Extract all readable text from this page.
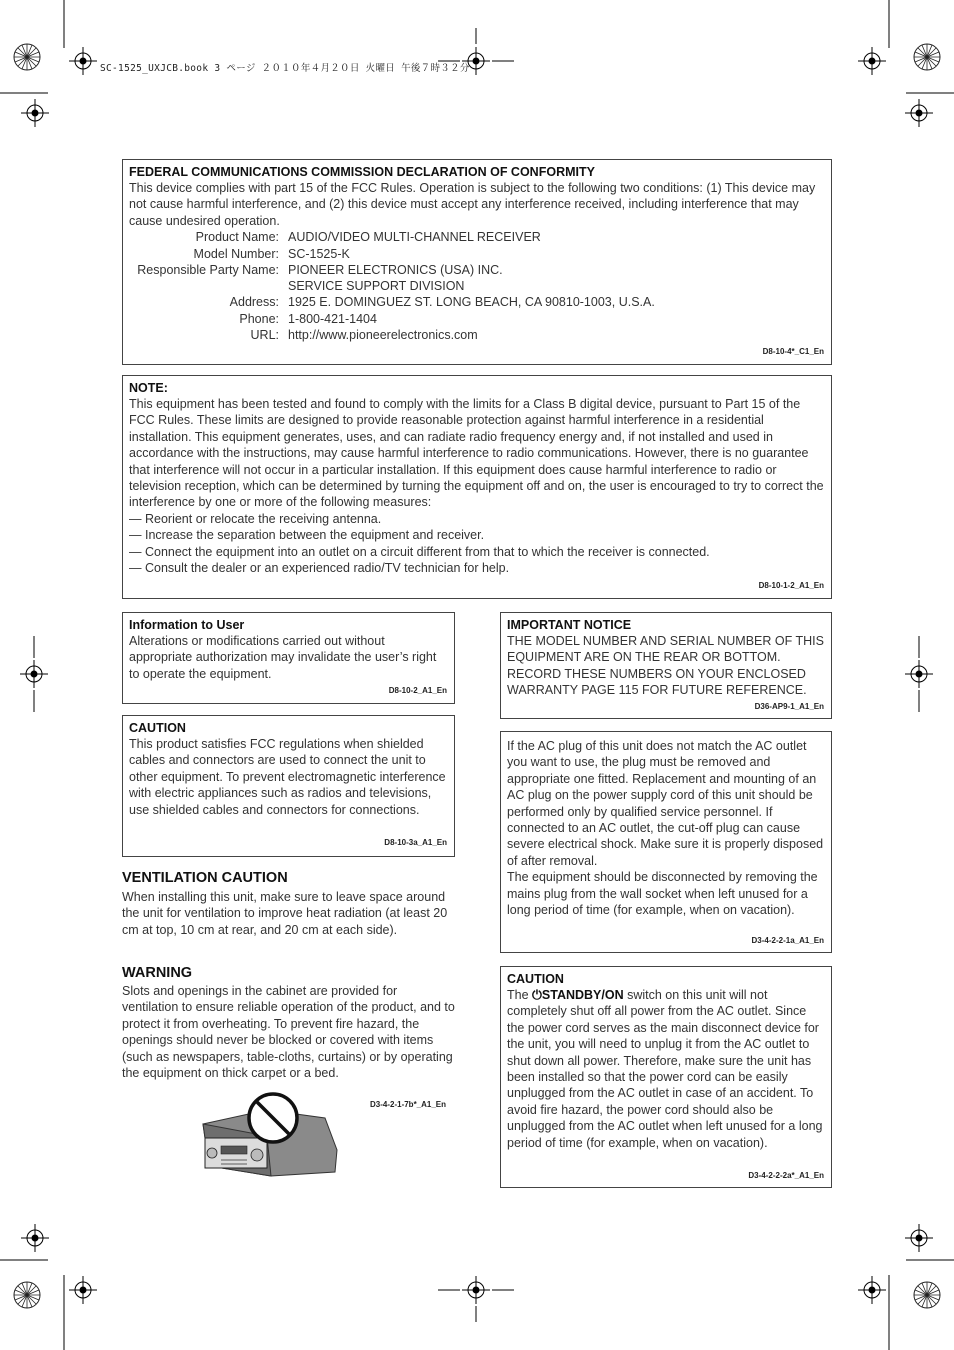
SC-1525_UXJCB.book 3 ページ ２０１０年４月２０日 火曜日 午後７時３２分
FEDERAL COMMUNICATIONS COMMISSION DECLARATION OF CONFORMITY
This device complies with part 15 of the FCC Rules. Operation is subject to the following two conditions: (1) This device may not cause harmful interference, and (2) this device must accept any interference received, including interference that may cause undesired operation.
Product Name: AUDIO/VIDEO MULTI-CHANNEL RECEIVER
Model Number: SC-1525-K
Responsible Party Name: PIONEER ELECTRONICS (USA) INC.
SERVICE SUPPORT DIVISION
Address: 1925 E. DOMINGUEZ ST. LONG BEACH, CA 90810-1003, U.S.A.
Phone: 1-800-421-1404
URL: http://www.pioneerelectronics.com
D8-10-4*_C1_En
NOTE:
This equipment has been tested and found to comply with the limits for a Class B digital device, pursuant to Part 15 of the FCC Rules. These limits are designed to provide reasonable protection against harmful interference in a residential installation. This equipment generates, uses, and can radiate radio frequency energy and, if not installed and used in accordance with the instructions, may cause harmful interference to radio communications. However, there is no guarantee that interference will not occur in a particular installation. If this equipment does cause harmful interference to radio or television reception, which can be determined by turning the equipment off and on, the user is encouraged to try to correct the interference by one or more of the following measures:
— Reorient or relocate the receiving antenna.
— Increase the separation between the equipment and receiver.
— Connect the equipment into an outlet on a circuit different from that to which the receiver is connected.
— Consult the dealer or an experienced radio/TV technician for help.
D8-10-1-2_A1_En
Information to User
Alterations or modifications carried out without appropriate authorization may invalidate the user’s right to operate the equipment.
D8-10-2_A1_En
CAUTION
This product satisfies FCC regulations when shielded cables and connectors are used to connect the unit to other equipment. To prevent electromagnetic interference with electric appliances such as radios and televisions, use shielded cables and connectors for connections.
D8-10-3a_A1_En
VENTILATION CAUTION
When installing this unit, make sure to leave space around the unit for ventilation to improve heat radiation (at least 20 cm at top, 10 cm at rear, and 20 cm at each side).
WARNING
Slots and openings in the cabinet are provided for ventilation to ensure reliable operation of the product, and to protect it from overheating. To prevent fire hazard, the openings should never be blocked or covered with items (such as newspapers, table-cloths, curtains) or by operating the equipment on thick carpet or a bed.
D3-4-2-1-7b*_A1_En
IMPORTANT NOTICE
THE MODEL NUMBER AND SERIAL NUMBER OF THIS EQUIPMENT ARE ON THE REAR OR BOTTOM. RECORD THESE NUMBERS ON YOUR ENCLOSED WARRANTY PAGE 115 FOR FUTURE REFERENCE.
D36-AP9-1_A1_En
If the AC plug of this unit does not match the AC outlet you want to use, the plug must be removed and appropriate one fitted. Replacement and mounting of an AC plug on the power supply cord of this unit should be performed only by qualified service personnel. If connected to an AC outlet, the cut-off plug can cause severe electrical shock. Make sure it is properly disposed of after removal.
The equipment should be disconnected by removing the mains plug from the wall socket when left unused for a long period of time (for example, when on vacation).
D3-4-2-2-1a_A1_En
CAUTION
The ⏻STANDBY/ON switch on this unit will not completely shut off all power from the AC outlet. Since the power cord serves as the main disconnect device for the unit, you will need to unplug it from the AC outlet to shut down all power. Therefore, make sure the unit has been installed so that the power cord can be easily unplugged from the AC outlet in case of an accident. To avoid fire hazard, the power cord should also be unplugged from the AC outlet when left unused for a long period of time (for example, when on vacation).
D3-4-2-2-2a*_A1_En
